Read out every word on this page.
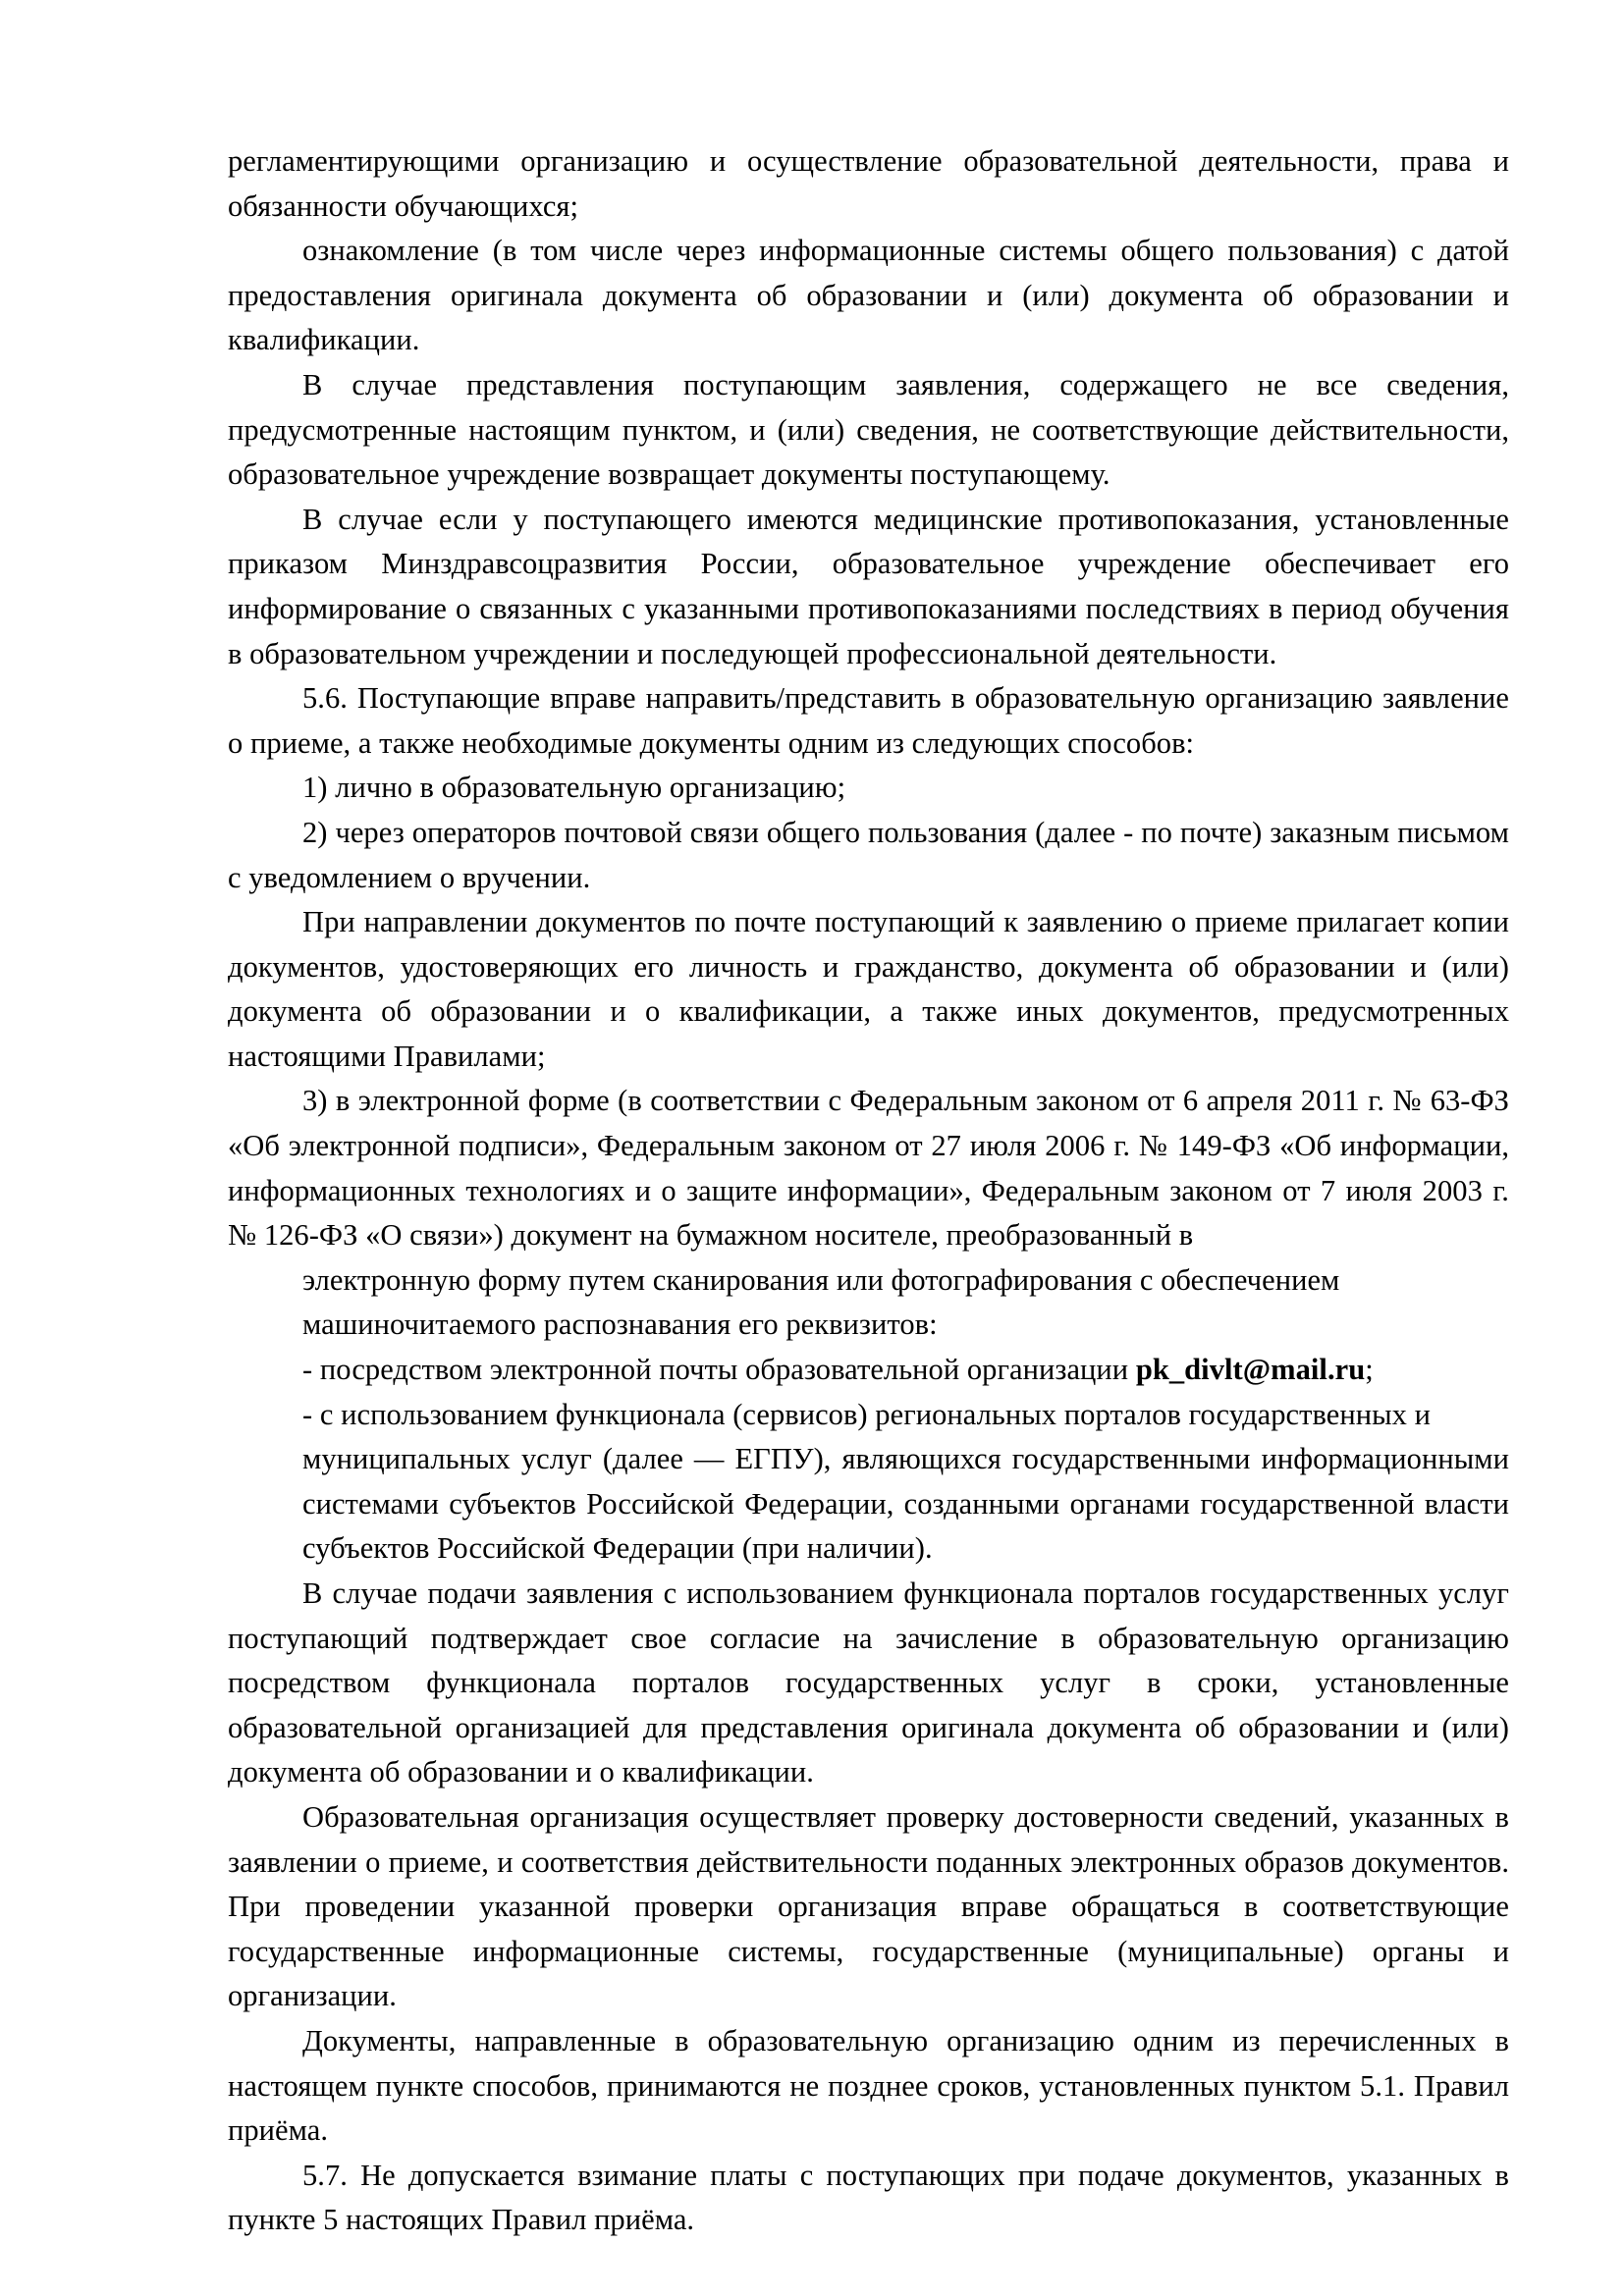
регламентирующими организацию и осуществление образовательной деятельности, права и обязанности обучающихся;

ознакомление (в том числе через информационные системы общего пользования) с датой предоставления оригинала документа об образовании и (или) документа об образовании и квалификации.

В случае представления поступающим заявления, содержащего не все сведения, предусмотренные настоящим пунктом, и (или) сведения, не соответствующие действительности, образовательное учреждение возвращает документы поступающему.

В случае если у поступающего имеются медицинские противопоказания, установленные приказом Минздравсоцразвития России, образовательное учреждение обеспечивает его информирование о связанных с указанными противопоказаниями последствиях в период обучения в образовательном учреждении и последующей профессиональной деятельности.

5.6. Поступающие вправе направить/представить в образовательную организацию заявление о приеме, а также необходимые документы одним из следующих способов:

1) лично в образовательную организацию;

2) через операторов почтовой связи общего пользования (далее - по почте) заказным письмом с уведомлением о вручении.

При направлении документов по почте поступающий к заявлению о приеме прилагает копии документов, удостоверяющих его личность и гражданство, документа об образовании и (или) документа об образовании и о квалификации, а также иных документов, предусмотренных настоящими Правилами;

3) в электронной форме (в соответствии с Федеральным законом от 6 апреля 2011 г. № 63-ФЗ «Об электронной подписи», Федеральным законом от 27 июля 2006 г. № 149-ФЗ «Об информации, информационных технологиях и о защите информации», Федеральным законом от 7 июля 2003 г. № 126-ФЗ «О связи») документ на бумажном носителе, преобразованный в

электронную форму путем сканирования или фотографирования с обеспечением

машиночитаемого распознавания его реквизитов:

- посредством электронной почты образовательной организации pk_divlt@mail.ru;

- с использованием функционала (сервисов) региональных порталов государственных и

муниципальных услуг (далее — ЕГПУ), являющихся государственными информационными системами субъектов Российской Федерации, созданными органами государственной власти субъектов Российской Федерации (при наличии).

В случае подачи заявления с использованием функционала порталов государственных услуг поступающий подтверждает свое согласие на зачисление в образовательную организацию посредством функционала порталов государственных услуг в сроки, установленные образовательной организацией для представления оригинала документа об образовании и (или) документа об образовании и о квалификации.

Образовательная организация осуществляет проверку достоверности сведений, указанных в заявлении о приеме, и соответствия действительности поданных электронных образов документов. При проведении указанной проверки организация вправе обращаться в соответствующие государственные информационные системы, государственные (муниципальные) органы и организации.

Документы, направленные в образовательную организацию одним из перечисленных в настоящем пункте способов, принимаются не позднее сроков, установленных пунктом 5.1. Правил приёма.

5.7. Не допускается взимание платы с поступающих при подаче документов, указанных в пункте 5 настоящих Правил приёма.
